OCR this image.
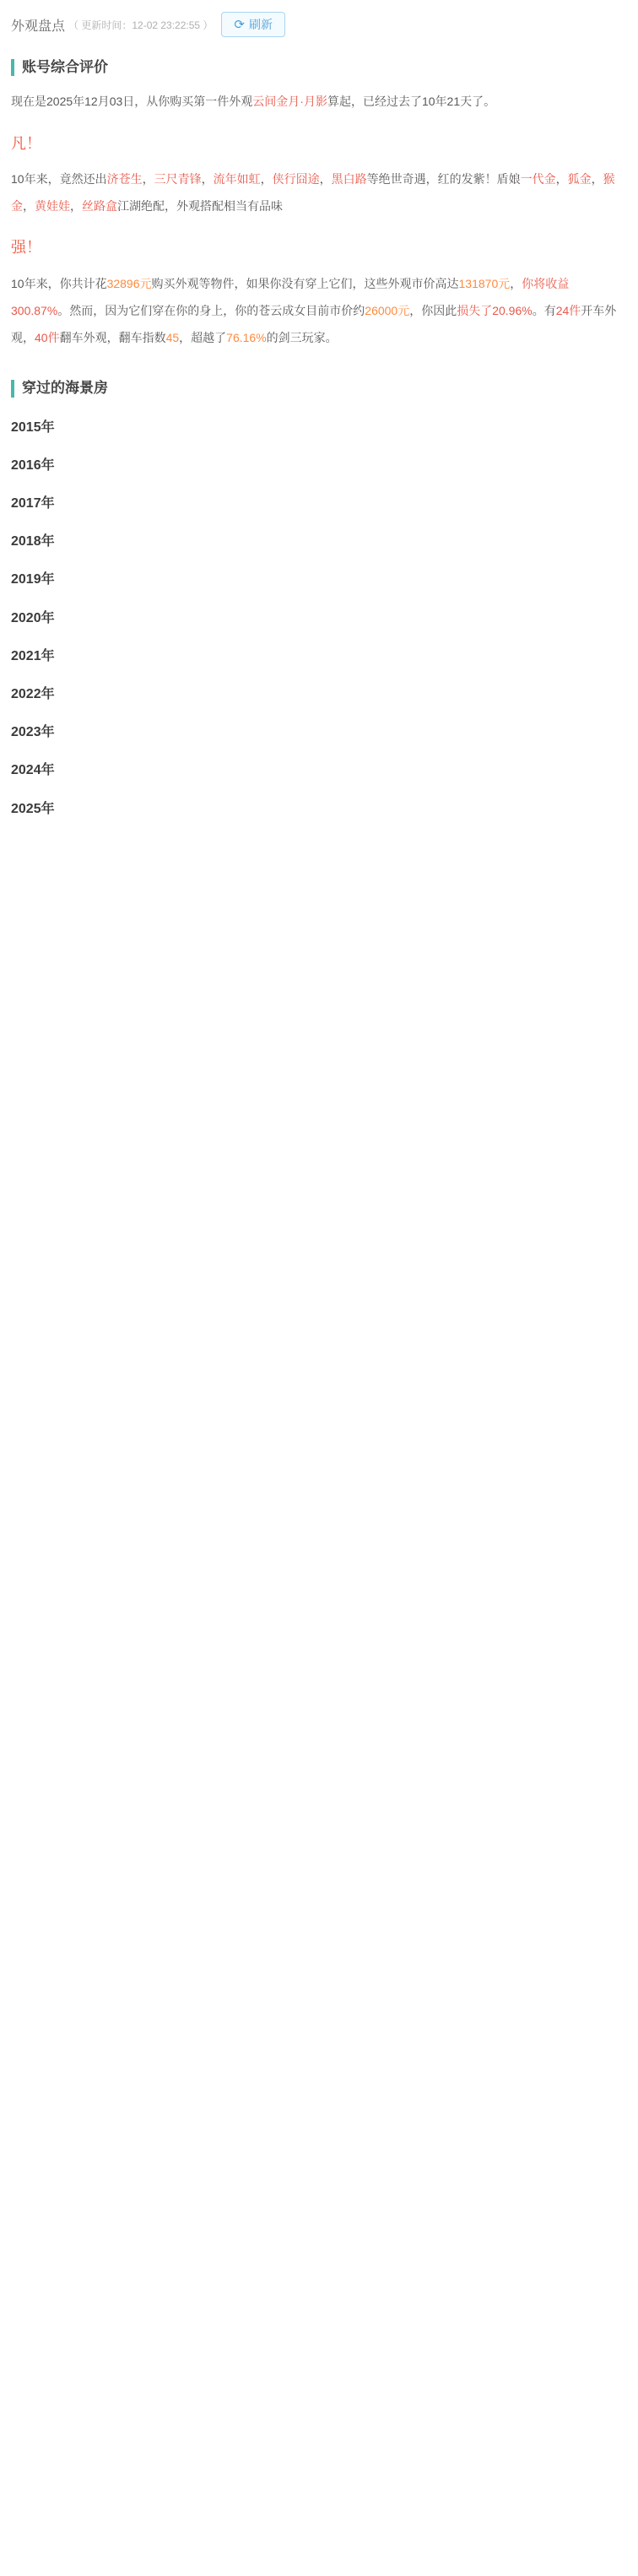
外观盘点 （ 更新时间：12-02 23:22:55 ） ⟳ 刷新
账号综合评价

现在是2025年12月03日，从你购买第一件外观云间金月·月影算起，已经过去了10年21天了。

凡！

10年来，竟然还出济苍生，三尺青锋，流年如虹，侠行囧途，黑白路等绝世奇遇，红的发紫！盾娘一代金，狐金，猴金，黄娃娃，丝路盒江湖绝配，外观搭配相当有品味

强！

10年来，你共计花32896元购买外观等物件，如果你没有穿上它们，这些外观市价高达131870元，你将收益300.87%。然而，因为它们穿在你的身上，你的苍云成女目前市价约26000元，你因此损失了20.96%。有24件开车外观，40件翻车外观，翻车指数45，超越了76.16%的剑三玩家。

穿过的海景房
2015年
2016年
2017年
2018年
2019年
2020年
2021年
2022年
2023年
2024年
2025年
